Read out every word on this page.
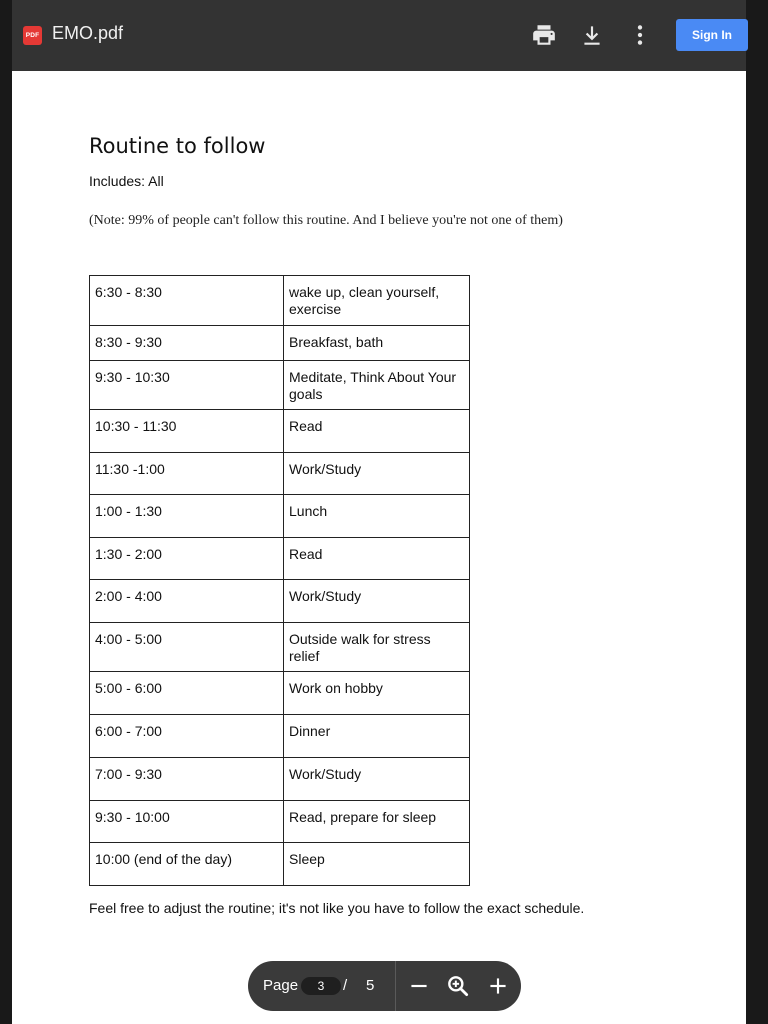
PDF EMO.pdf	Sign In
Routine to follow
Includes: All
(Note: 99% of people can't follow this routine. And I believe you're not one of them)
6:30 - 8:30	wake up, clean yourself, exercise
8:30 - 9:30	Breakfast, bath
9:30 - 10:30	Meditate, Think About Your goals
10:30 - 11:30	Read
11:30 -1:00	Work/Study
1:00 - 1:30	Lunch
1:30 - 2:00	Read
2:00 - 4:00	Work/Study
4:00 - 5:00	Outside walk for stress relief
5:00 - 6:00	Work on hobby
6:00 - 7:00	Dinner
7:00 - 9:30	Work/Study
9:30 - 10:00	Read, prepare for sleep
10:00 (end of the day)	Sleep
Feel free to adjust the routine; it's not like you have to follow the exact schedule.
Page
3	/ 5
